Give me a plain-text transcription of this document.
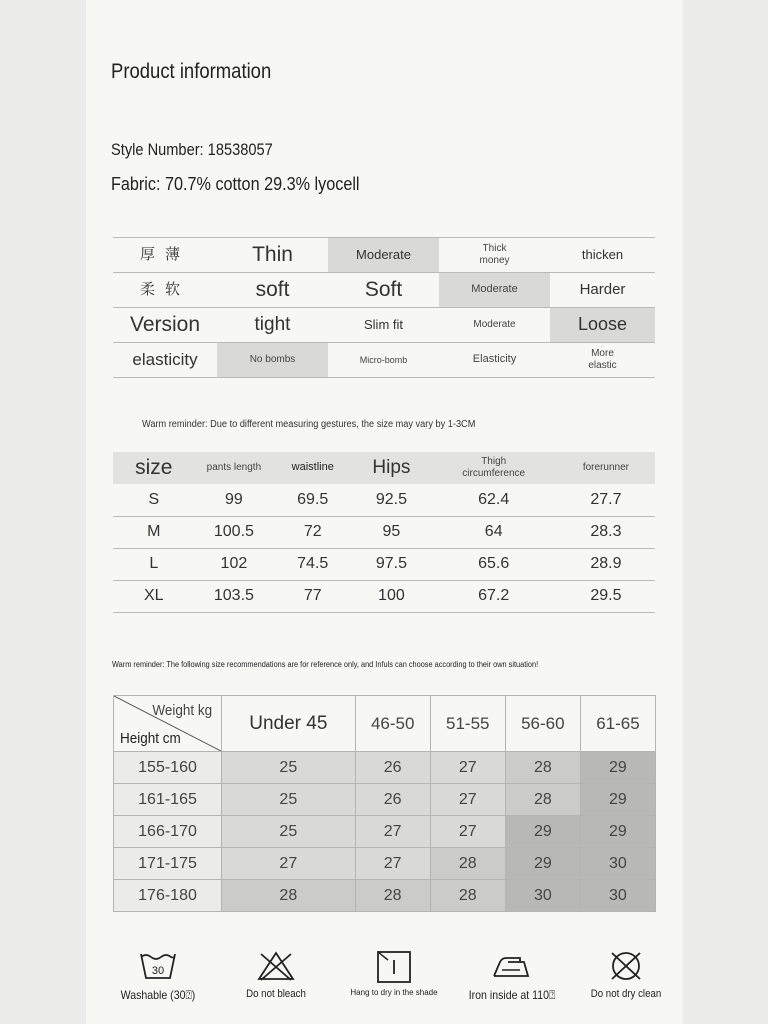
Product information
Style Number: 18538057
Fabric: 70.7% cotton 29.3% lyocell
厚薄	Thin	Moderate	Thick money	thicken
柔软	soft	Soft	Moderate	Harder
Version	tight	Slim fit	Moderate	Loose
elasticity	No bombs	Micro-bomb	Elasticity	More elastic
Warm reminder: Due to different measuring gestures, the size may vary by 1-3CM
size	pants length	waistline	Hips	Thigh circumference	forerunner
S	99	69.5	92.5	62.4	27.7
M	100.5	72	95	64	28.3
L	102	74.5	97.5	65.6	28.9
XL	103.5	77	100	67.2	29.5
Warm reminder: The following size recommendations are for reference only, and Infuls can choose according to their own situation!
Weight kg
Height cm	Under 45	46-50	51-55	56-60	61-65
155-160	25	26	27	28	29
161-165	25	26	27	28	29
166-170	25	27	27	29	29
171-175	27	27	28	29	30
176-180	28	28	28	30	30
30
Washable (30⍰)	Do not bleach	Hang to dry in the shade	Iron inside at 110⍰	Do not dry clean
